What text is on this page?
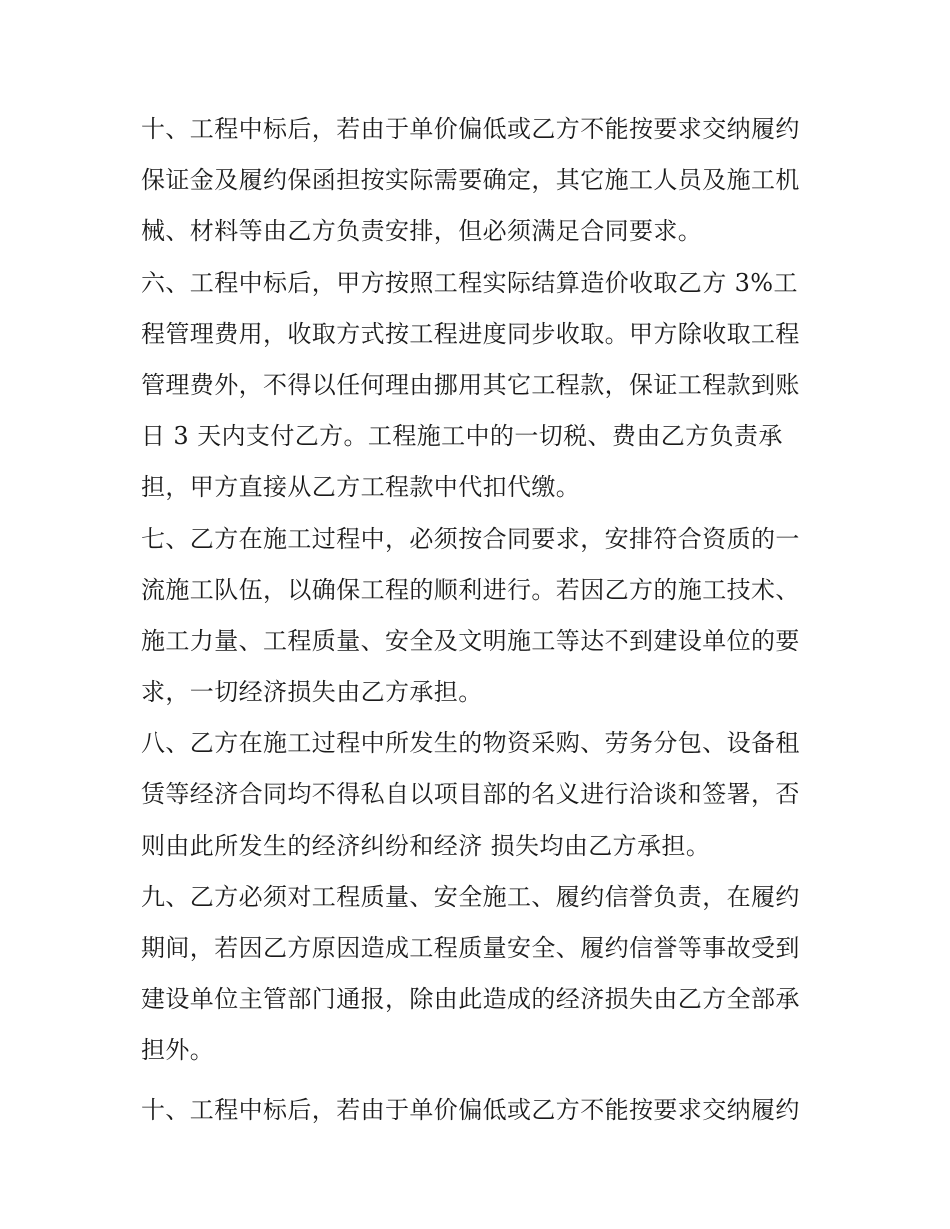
十、工程中标后，若由于单价偏低或乙方不能按要求交纳履约
保证金及履约保函担按实际需要确定，其它施工人员及施工机
械、材料等由乙方负责安排，但必须满足合同要求。
六、工程中标后，甲方按照工程实际结算造价收取乙方 3%工
程管理费用，收取方式按工程进度同步收取。甲方除收取工程
管理费外，不得以任何理由挪用其它工程款，保证工程款到账
日 3 天内支付乙方。工程施工中的一切税、费由乙方负责承
担，甲方直接从乙方工程款中代扣代缴。
七、乙方在施工过程中，必须按合同要求，安排符合资质的一
流施工队伍，以确保工程的顺利进行。若因乙方的施工技术、
施工力量、工程质量、安全及文明施工等达不到建设单位的要
求，一切经济损失由乙方承担。
八、乙方在施工过程中所发生的物资采购、劳务分包、设备租
赁等经济合同均不得私自以项目部的名义进行洽谈和签署，否
则由此所发生的经济纠纷和经济 损失均由乙方承担。
九、乙方必须对工程质量、安全施工、履约信誉负责，在履约
期间，若因乙方原因造成工程质量安全、履约信誉等事故受到
建设单位主管部门通报，除由此造成的经济损失由乙方全部承
担外。
十、工程中标后，若由于单价偏低或乙方不能按要求交纳履约
